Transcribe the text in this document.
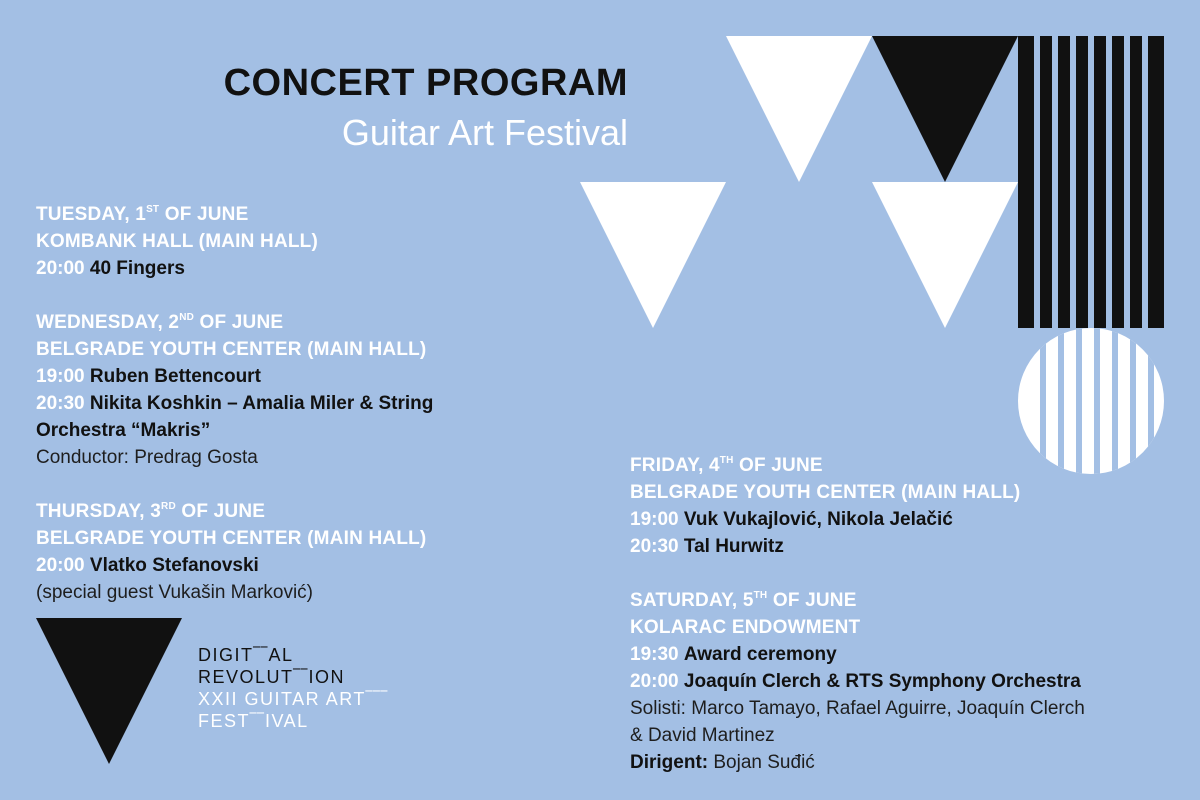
CONCERT PROGRAM
Guitar Art Festival
TUESDAY, 1ST OF JUNE
KOMBANK HALL (MAIN HALL)
20:00 40 Fingers
WEDNESDAY, 2ND OF JUNE
BELGRADE YOUTH CENTER (MAIN HALL)
19:00 Ruben Bettencourt
20:30 Nikita Koshkin – Amalia Miler & String
Orchestra “Makris”
Conductor: Predrag Gosta
THURSDAY, 3RD OF JUNE
BELGRADE YOUTH CENTER (MAIN HALL)
20:00 Vlatko Stefanovski
(special guest Vukašin Marković)
FRIDAY, 4TH OF JUNE
BELGRADE YOUTH CENTER (MAIN HALL)
19:00 Vuk Vukajlović, Nikola Jelačić
20:30 Tal Hurwitz
SATURDAY, 5TH OF JUNE
KOLARAC ENDOWMENT
19:30 Award ceremony
20:00 Joaquín Clerch & RTS Symphony Orchestra
Solisti: Marco Tamayo, Rafael Aguirre, Joaquín Clerch
& David Martinez
Dirigent: Bojan Suđić
DIGIT‾‾AL
REVOLUT‾‾ION
XXII GUITAR ART‾‾‾
FEST‾‾IVAL
